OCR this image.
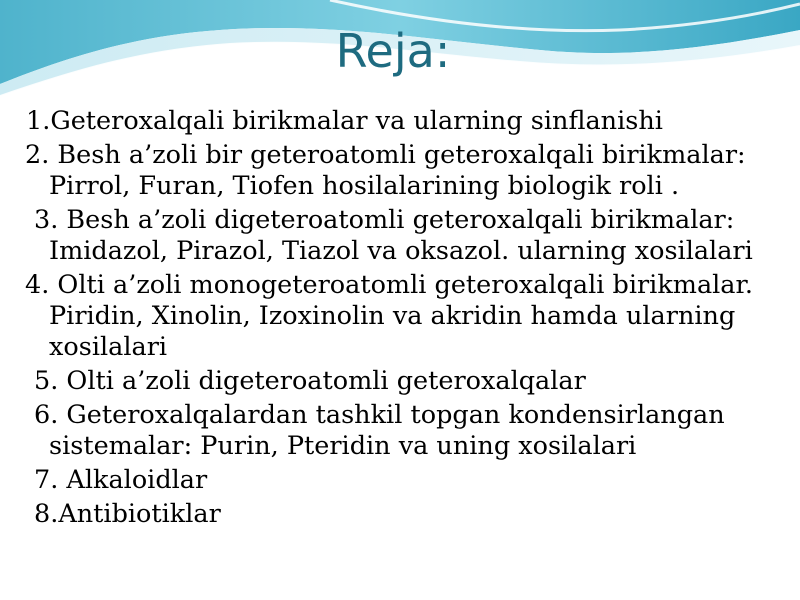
Reja:
1.Geteroxalqali birikmalar va ularning sinflanishi
2. Besh a’zoli bir geteroatomli geteroxalqali birikmalar: Pirrol, Furan, Tiofen hosilalarining biologik roli .
3. Besh a’zoli digeteroatomli geteroxalqali birikmalar: Imidazol, Pirazol, Tiazol va oksazol. ularning xosilalari
4. Olti a’zoli monogeteroatomli geteroxalqali birikmalar. Piridin, Xinolin, Izoxinolin va akridin hamda ularning xosilalari
5. Olti a’zoli digeteroatomli geteroxalqalar
6. Geteroxalqalardan tashkil topgan kondensirlangan sistemalar: Purin, Pteridin va uning xosilalari
7. Alkaloidlar
8.Antibiotiklar
